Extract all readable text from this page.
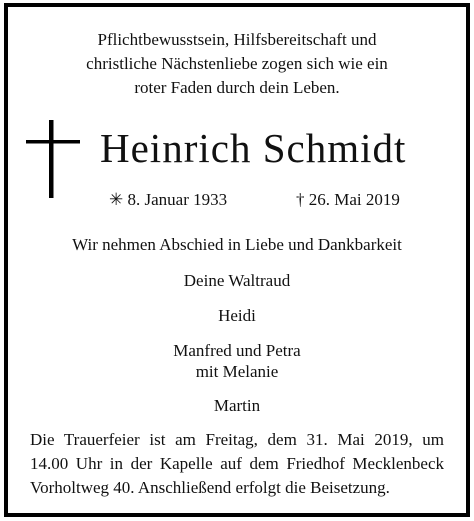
Pflichtbewusstsein, Hilfsbereitschaft und
christliche Nächstenliebe zogen sich wie ein
roter Faden durch dein Leben.
Heinrich Schmidt
✳ 8. Januar 1933	† 26. Mai 2019
Wir nehmen Abschied in Liebe und Dankbarkeit
Deine Waltraud
Heidi
Manfred und Petra
mit Melanie
Martin
Die Trauerfeier ist am Freitag, dem 31. Mai 2019, um
14.00 Uhr in der Kapelle auf dem Friedhof Mecklenbeck
Vorholtweg 40. Anschließend erfolgt die Beisetzung.
